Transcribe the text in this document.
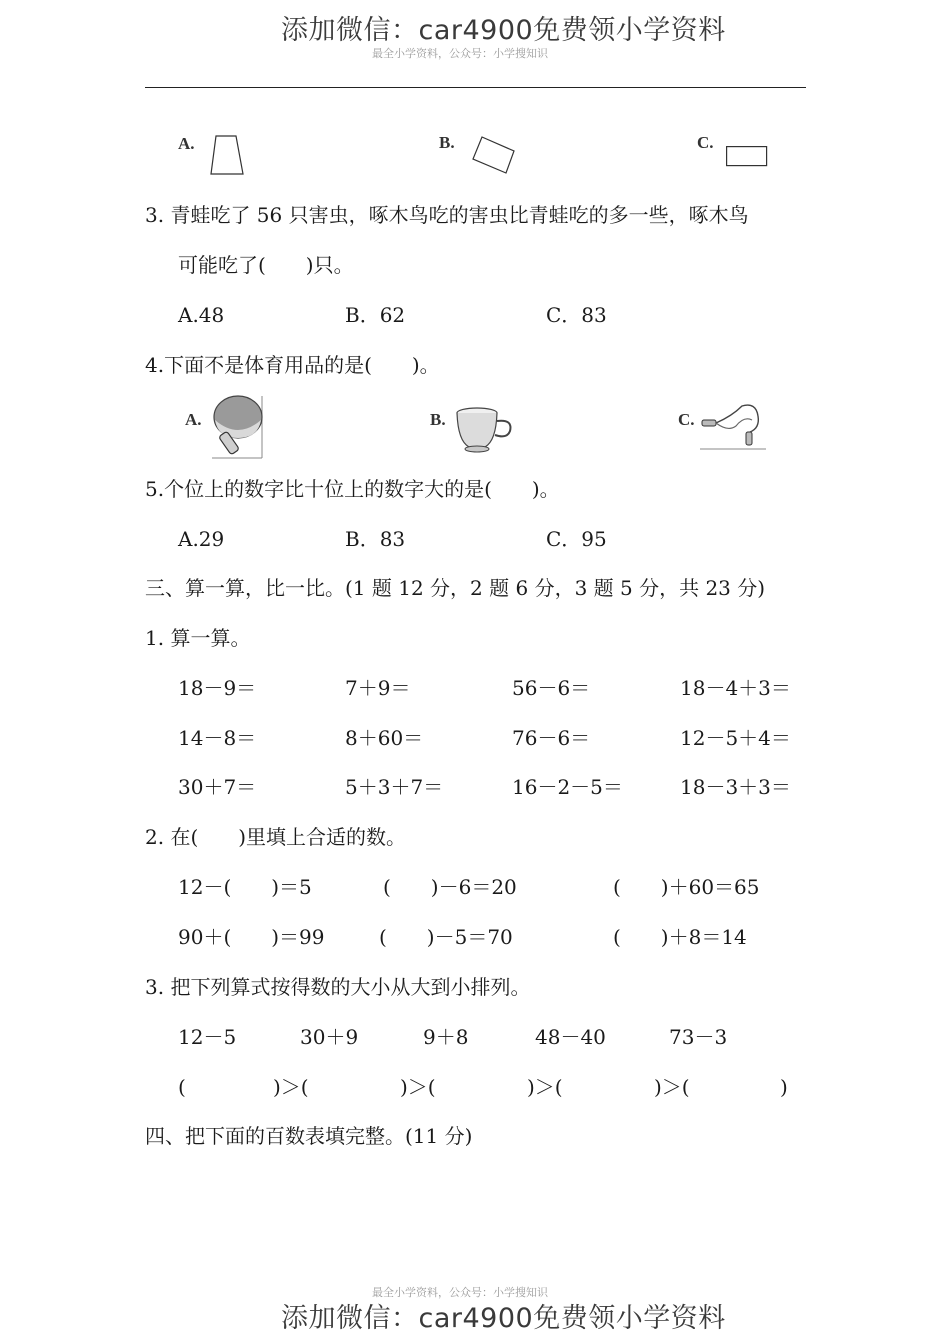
添加微信：car4900免费领小学资料
最全小学资料，公众号：小学搜知识
A.	B.	C.
3. 青蛙吃了 56 只害虫，啄木鸟吃的害虫比青蛙吃的多一些，啄木鸟
可能吃了(　　)只。
A.48	B．62	C．83
4.下面不是体育用品的是(　　)。
A.	B.	C.
5.个位上的数字比十位上的数字大的是(　　)。
A.29	B．83	C．95
三、算一算，比一比。(1 题 12 分，2 题 6 分，3 题 5 分，共 23 分)
1. 算一算。
18－9＝	7＋9＝	56－6＝	18－4＋3＝
14－8＝	8＋60＝	76－6＝	12－5＋4＝
30＋7＝	5＋3＋7＝	16－2－5＝	18－3＋3＝
2. 在(　　)里填上合适的数。
12－(　　)＝5	(　　)－6＝20	(　　)＋60＝65
90＋(　　)＝99	(　　)－5＝70	(　　)＋8＝14
3. 把下列算式按得数的大小从大到小排列。
12－5	30＋9	9＋8	48－40	73－3
(	)＞(	)＞(	)＞(	)＞(	)
四、把下面的百数表填完整。(11 分)
最全小学资料，公众号：小学搜知识
添加微信：car4900免费领小学资料
